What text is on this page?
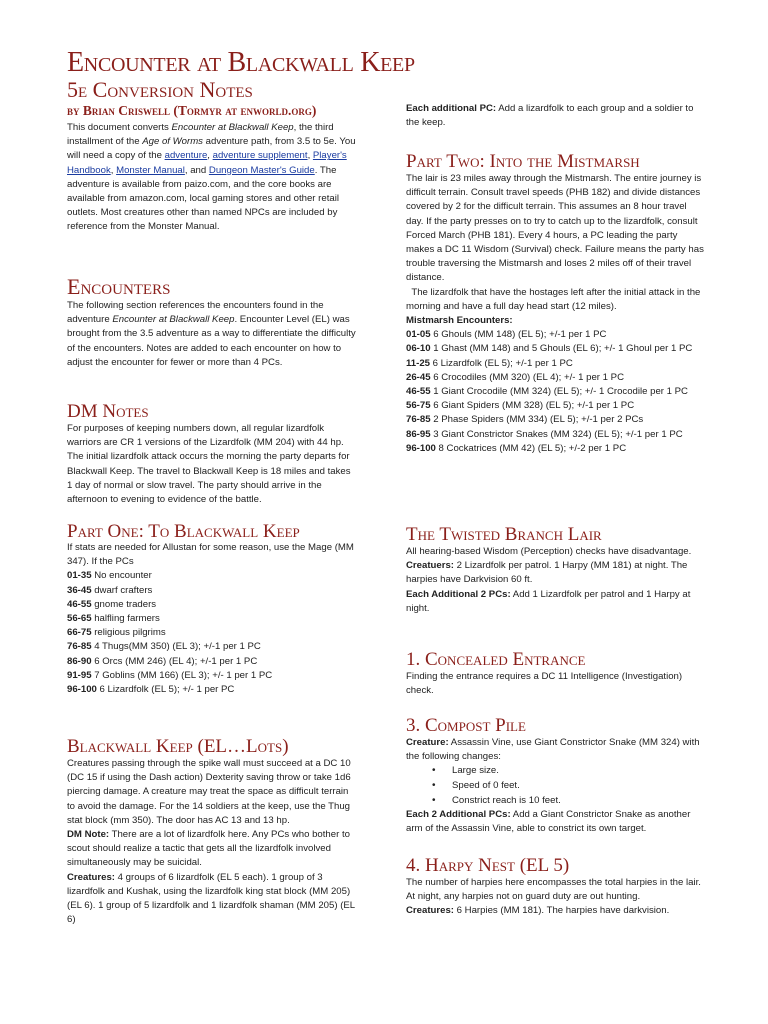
Encounter at Blackwall Keep
5e Conversion Notes
by Brian Criswell (Tormyr at enworld.org)

This document converts Encounter at Blackwall Keep, the third installment of the Age of Worms adventure path, from 3.5 to 5e. You will need a copy of the adventure, adventure supplement, Player's Handbook, Monster Manual, and Dungeon Master's Guide. The adventure is available from paizo.com, and the core books are available from amazon.com, local gaming stores and other retail outlets. Most creatures other than named NPCs are included by reference from the Monster Manual.

Encounters

The following section references the encounters found in the adventure Encounter at Blackwall Keep. Encounter Level (EL) was brought from the 3.5 adventure as a way to differentiate the difficulty of the encounters. Notes are added to each encounter on how to adjust the encounter for fewer or more than 4 PCs.

DM Notes

For purposes of keeping numbers down, all regular lizardfolk warriors are CR 1 versions of the Lizardfolk (MM 204) with 44 hp. The initial lizardfolk attack occurs the morning the party departs for Blackwall Keep. The travel to Blackwall Keep is 18 miles and takes 1 day of normal or slow travel. The party should arrive in the afternoon to evening to evidence of the battle.

Part One: To Blackwall Keep

If stats are needed for Allustan for some reason, use the Mage (MM 347). If the PCs

01-35 No encounter
36-45 dwarf crafters
46-55 gnome traders
56-65 halfling farmers
66-75 religious pilgrims
76-85 4 Thugs(MM 350) (EL 3); +/-1 per 1 PC
86-90 6 Orcs (MM 246) (EL 4); +/-1 per 1 PC
91-95 7 Goblins (MM 166) (EL 3); +/- 1 per 1 PC
96-100 6 Lizardfolk (EL 5); +/- 1 per PC
Blackwall Keep (EL…Lots)

Creatures passing through the spike wall must succeed at a DC 10 (DC 15 if using the Dash action) Dexterity saving throw or take 1d6 piercing damage. A creature may treat the space as difficult terrain to avoid the damage. For the 14 soldiers at the keep, use the Thug stat block (mm 350). The door has AC 13 and 13 hp.

DM Note: There are a lot of lizardfolk here. Any PCs who bother to scout should realize a tactic that gets all the lizardfolk involved simultaneously may be suicidal.

Creatures: 4 groups of 6 lizardfolk (EL 5 each). 1 group of 3 lizardfolk and Kushak, using the lizardfolk king stat block (MM 205) (EL 6). 1 group of 5 lizardfolk and 1 lizardfolk shaman (MM 205) (EL 6)

Each additional PC: Add a lizardfolk to each group and a soldier to the keep.

Part Two: Into the Mistmarsh

The lair is 23 miles away through the Mistmarsh. The entire journey is difficult terrain. Consult travel speeds (PHB 182) and divide distances covered by 2 for the difficult terrain. This assumes an 8 hour travel day. If the party presses on to try to catch up to the lizardfolk, consult Forced March (PHB 181). Every 4 hours, a PC leading the party makes a DC 11 Wisdom (Survival) check. Failure means the party has trouble traversing the Mistmarsh and loses 2 miles off of their travel distance.

The lizardfolk that have the hostages left after the initial attack in the morning and have a full day head start (12 miles).

Mistmarsh Encounters:

01-05 6 Ghouls (MM 148) (EL 5); +/-1 per 1 PC
06-10 1 Ghast (MM 148) and 5 Ghouls (EL 6); +/- 1 Ghoul per 1 PC
11-25 6 Lizardfolk (EL 5); +/-1 per 1 PC
26-45 6 Crocodiles (MM 320) (EL 4); +/- 1 per 1 PC
46-55 1 Giant Crocodile (MM 324) (EL 5); +/- 1 Crocodile per 1 PC
56-75 6 Giant Spiders (MM 328) (EL 5); +/-1 per 1 PC
76-85 2 Phase Spiders (MM 334) (EL 5); +/-1 per 2 PCs
86-95 3 Giant Constrictor Snakes (MM 324) (EL 5); +/-1 per 1 PC
96-100 8 Cockatrices (MM 42) (EL 5); +/-2 per 1 PC
The Twisted Branch Lair

All hearing-based Wisdom (Perception) checks have disadvantage.

Creatuers: 2 Lizardfolk per patrol. 1 Harpy (MM 181) at night. The harpies have Darkvision 60 ft.

Each Additional 2 PCs: Add 1 Lizardfolk per patrol and 1 Harpy at night.

1. Concealed Entrance

Finding the entrance requires a DC 11 Intelligence (Investigation) check.

3. Compost Pile

Creature: Assassin Vine, use Giant Constrictor Snake (MM 324) with the following changes:

• Large size.
• Speed of 0 feet.
• Constrict reach is 10 feet.

Each 2 Additional PCs: Add a Giant Constrictor Snake as another arm of the Assassin Vine, able to constrict its own target.

4. Harpy Nest (EL 5)

The number of harpies here encompasses the total harpies in the lair. At night, any harpies not on guard duty are out hunting.

Creatures: 6 Harpies (MM 181). The harpies have darkvision.
